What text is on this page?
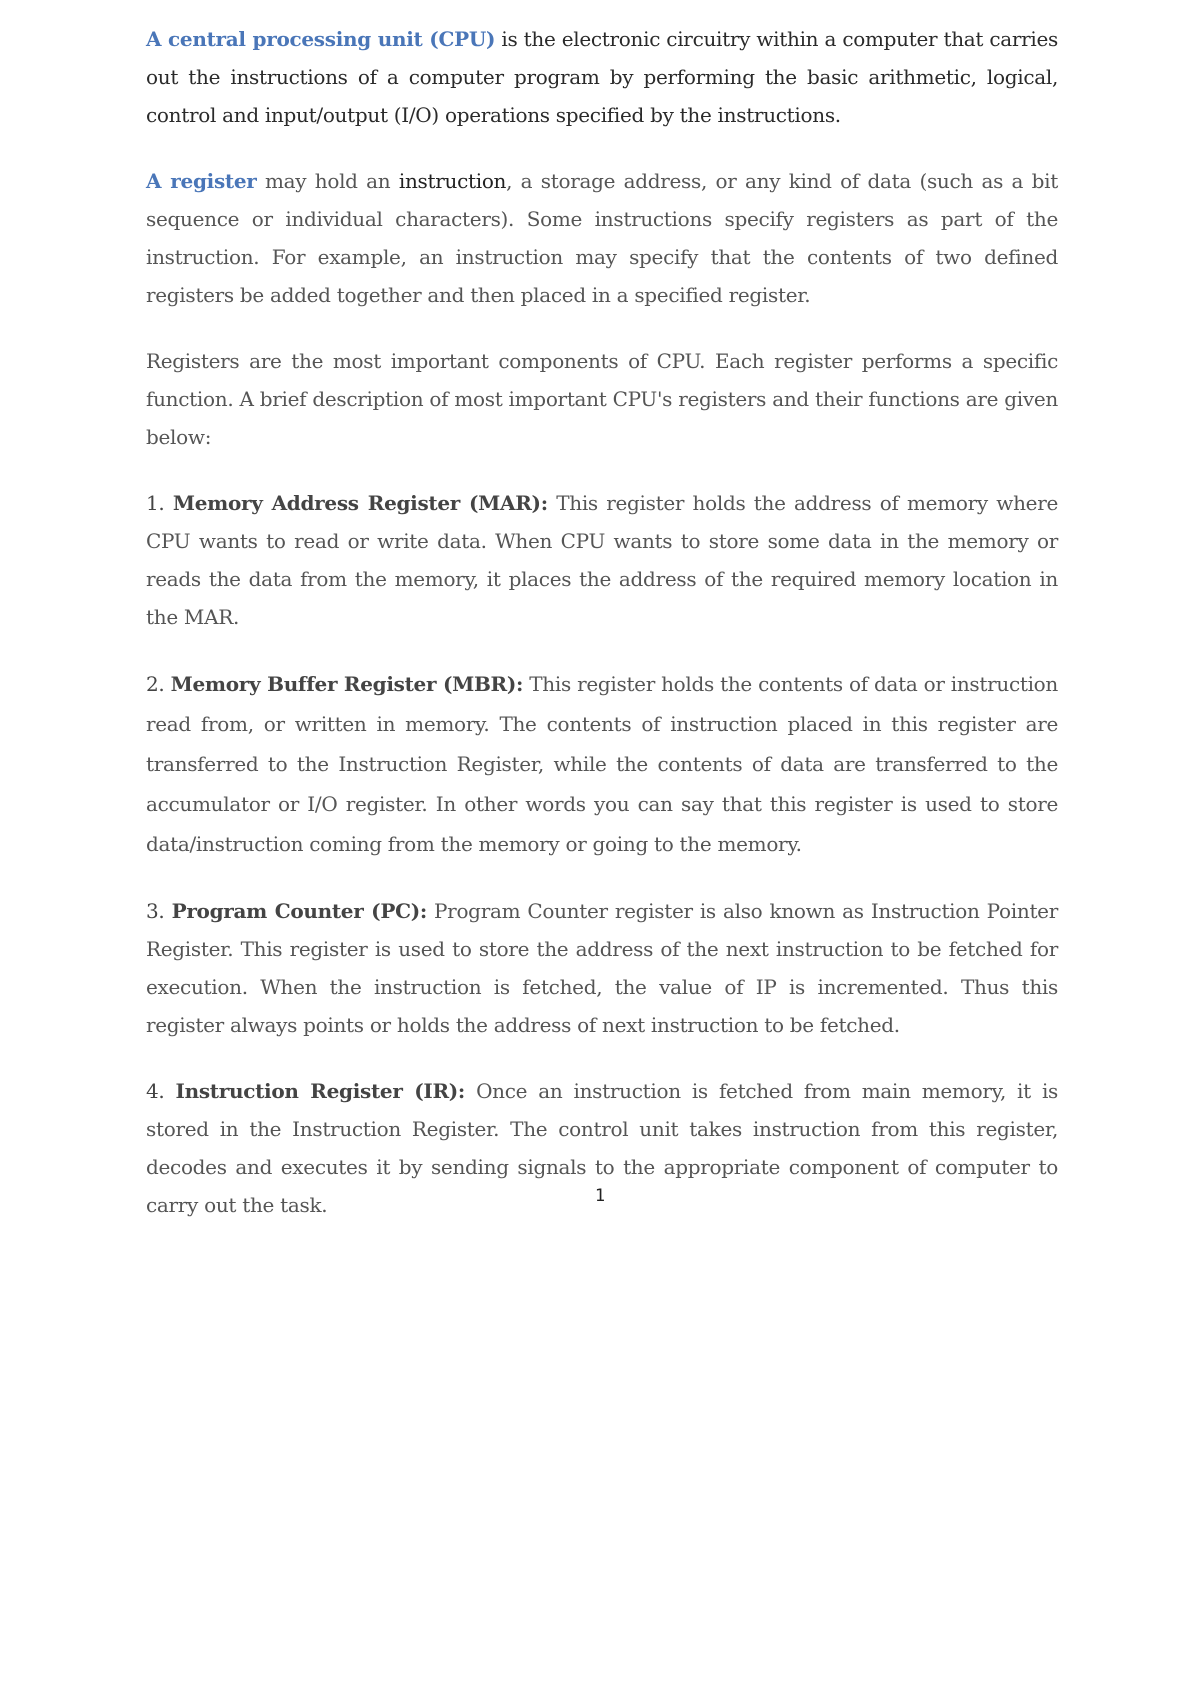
A central processing unit (CPU) is the electronic circuitry within a computer that carries out the instructions of a computer program by performing the basic arithmetic, logical, control and input/output (I/O) operations specified by the instructions.

A register may hold an instruction, a storage address, or any kind of data (such as a bit sequence or individual characters). Some instructions specify registers as part of the instruction. For example, an instruction may specify that the contents of two defined registers be added together and then placed in a specified register.

Registers are the most important components of CPU. Each register performs a specific function. A brief description of most important CPU's registers and their functions are given below:

1. Memory Address Register (MAR): This register holds the address of memory where CPU wants to read or write data. When CPU wants to store some data in the memory or reads the data from the memory, it places the address of the required memory location in the MAR.

2. Memory Buffer Register (MBR): This register holds the contents of data or instruction read from, or written in memory. The contents of instruction placed in this register are transferred to the Instruction Register, while the contents of data are transferred to the accumulator or I/O register. In other words you can say that this register is used to store data/instruction coming from the memory or going to the memory.

3. Program Counter (PC): Program Counter register is also known as Instruction Pointer Register. This register is used to store the address of the next instruction to be fetched for execution. When the instruction is fetched, the value of IP is incremented. Thus this register always points or holds the address of next instruction to be fetched.

4. Instruction Register (IR): Once an instruction is fetched from main memory, it is stored in the Instruction Register. The control unit takes instruction from this register, decodes and executes it by sending signals to the appropriate component of computer to carry out the task.	1
